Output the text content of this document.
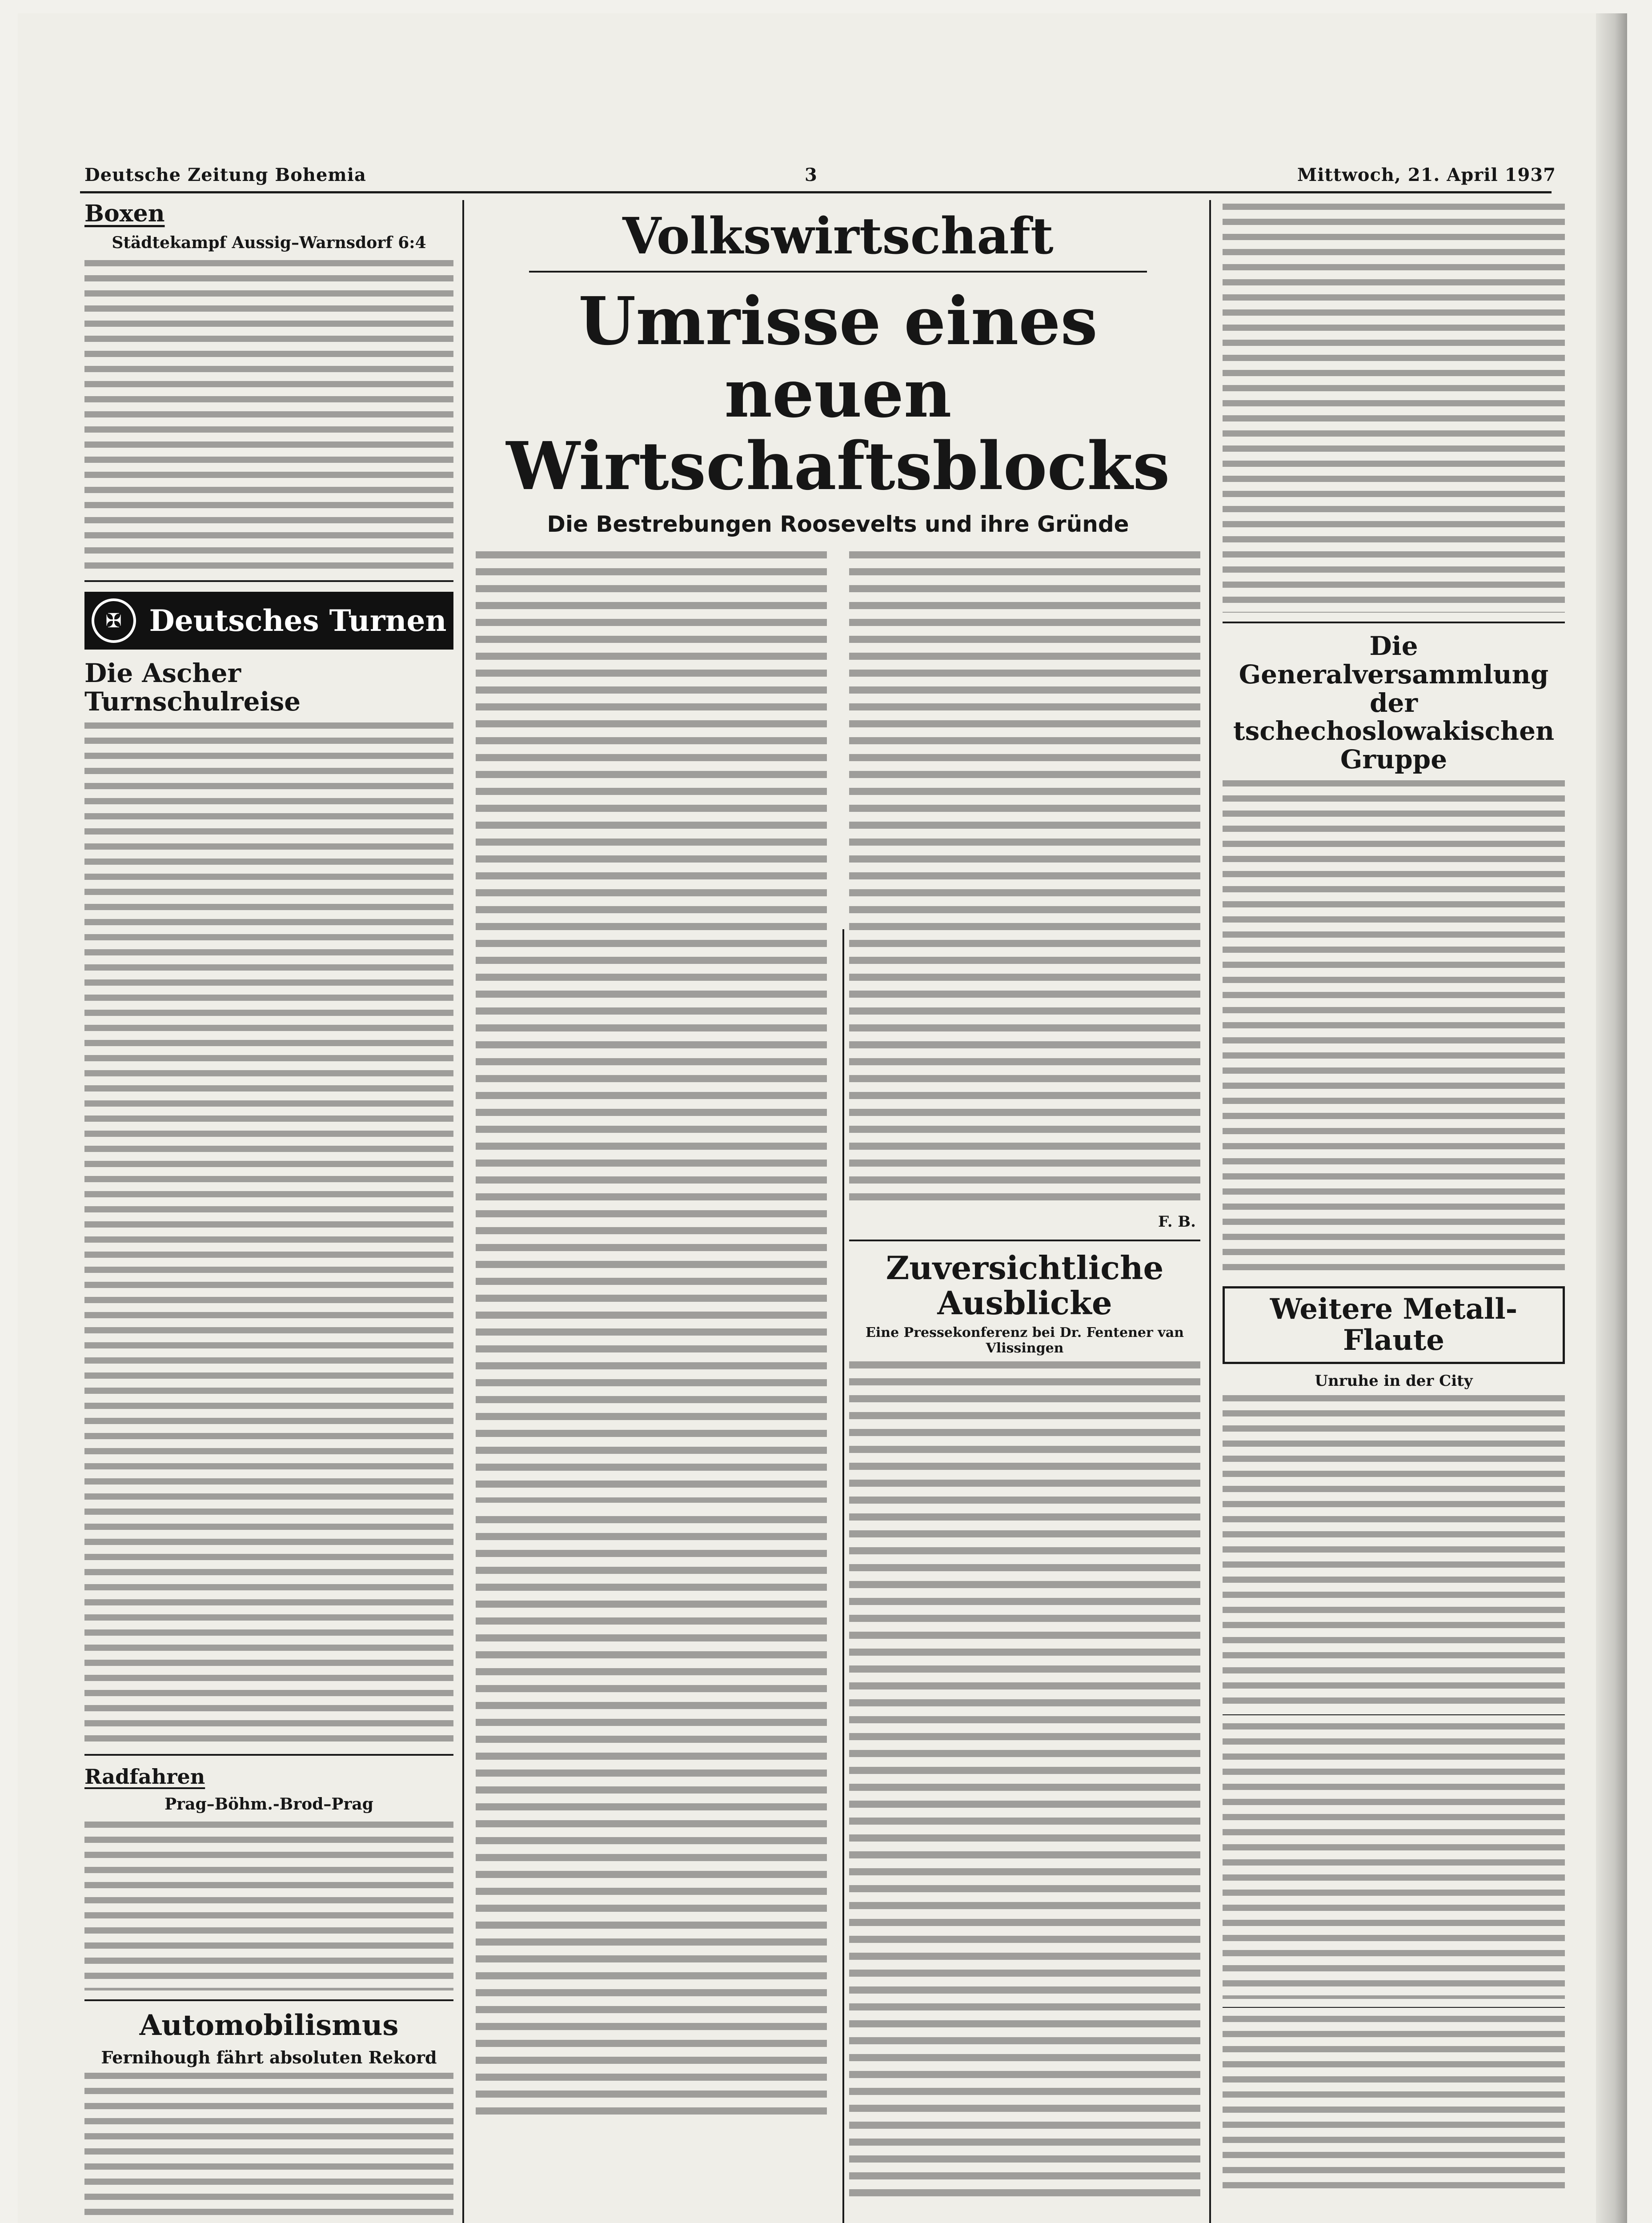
Deutsche Zeitung Bohemia	3	Mittwoch, 21. April 1937
Boxen
Städtekampf Aussig–Warnsdorf 6:4
✠ Deutsches Turnen
Die Ascher Turnschulreise
Radfahren
Prag–Böhm.-Brod–Prag
Automobilismus
Fernihough fährt absoluten Rekord
Volkswirtschaft
Umrisse eines neuen
Wirtschaftsblocks
Die Bestrebungen Roosevelts und ihre Gründe
F. B.
Zuversichtliche Ausblicke
Eine Pressekonferenz bei Dr. Fentener van Vlissingen
Die Generalversammlung der tschechoslowakischen Gruppe
Weitere Metall-Flaute
Unruhe in der City
